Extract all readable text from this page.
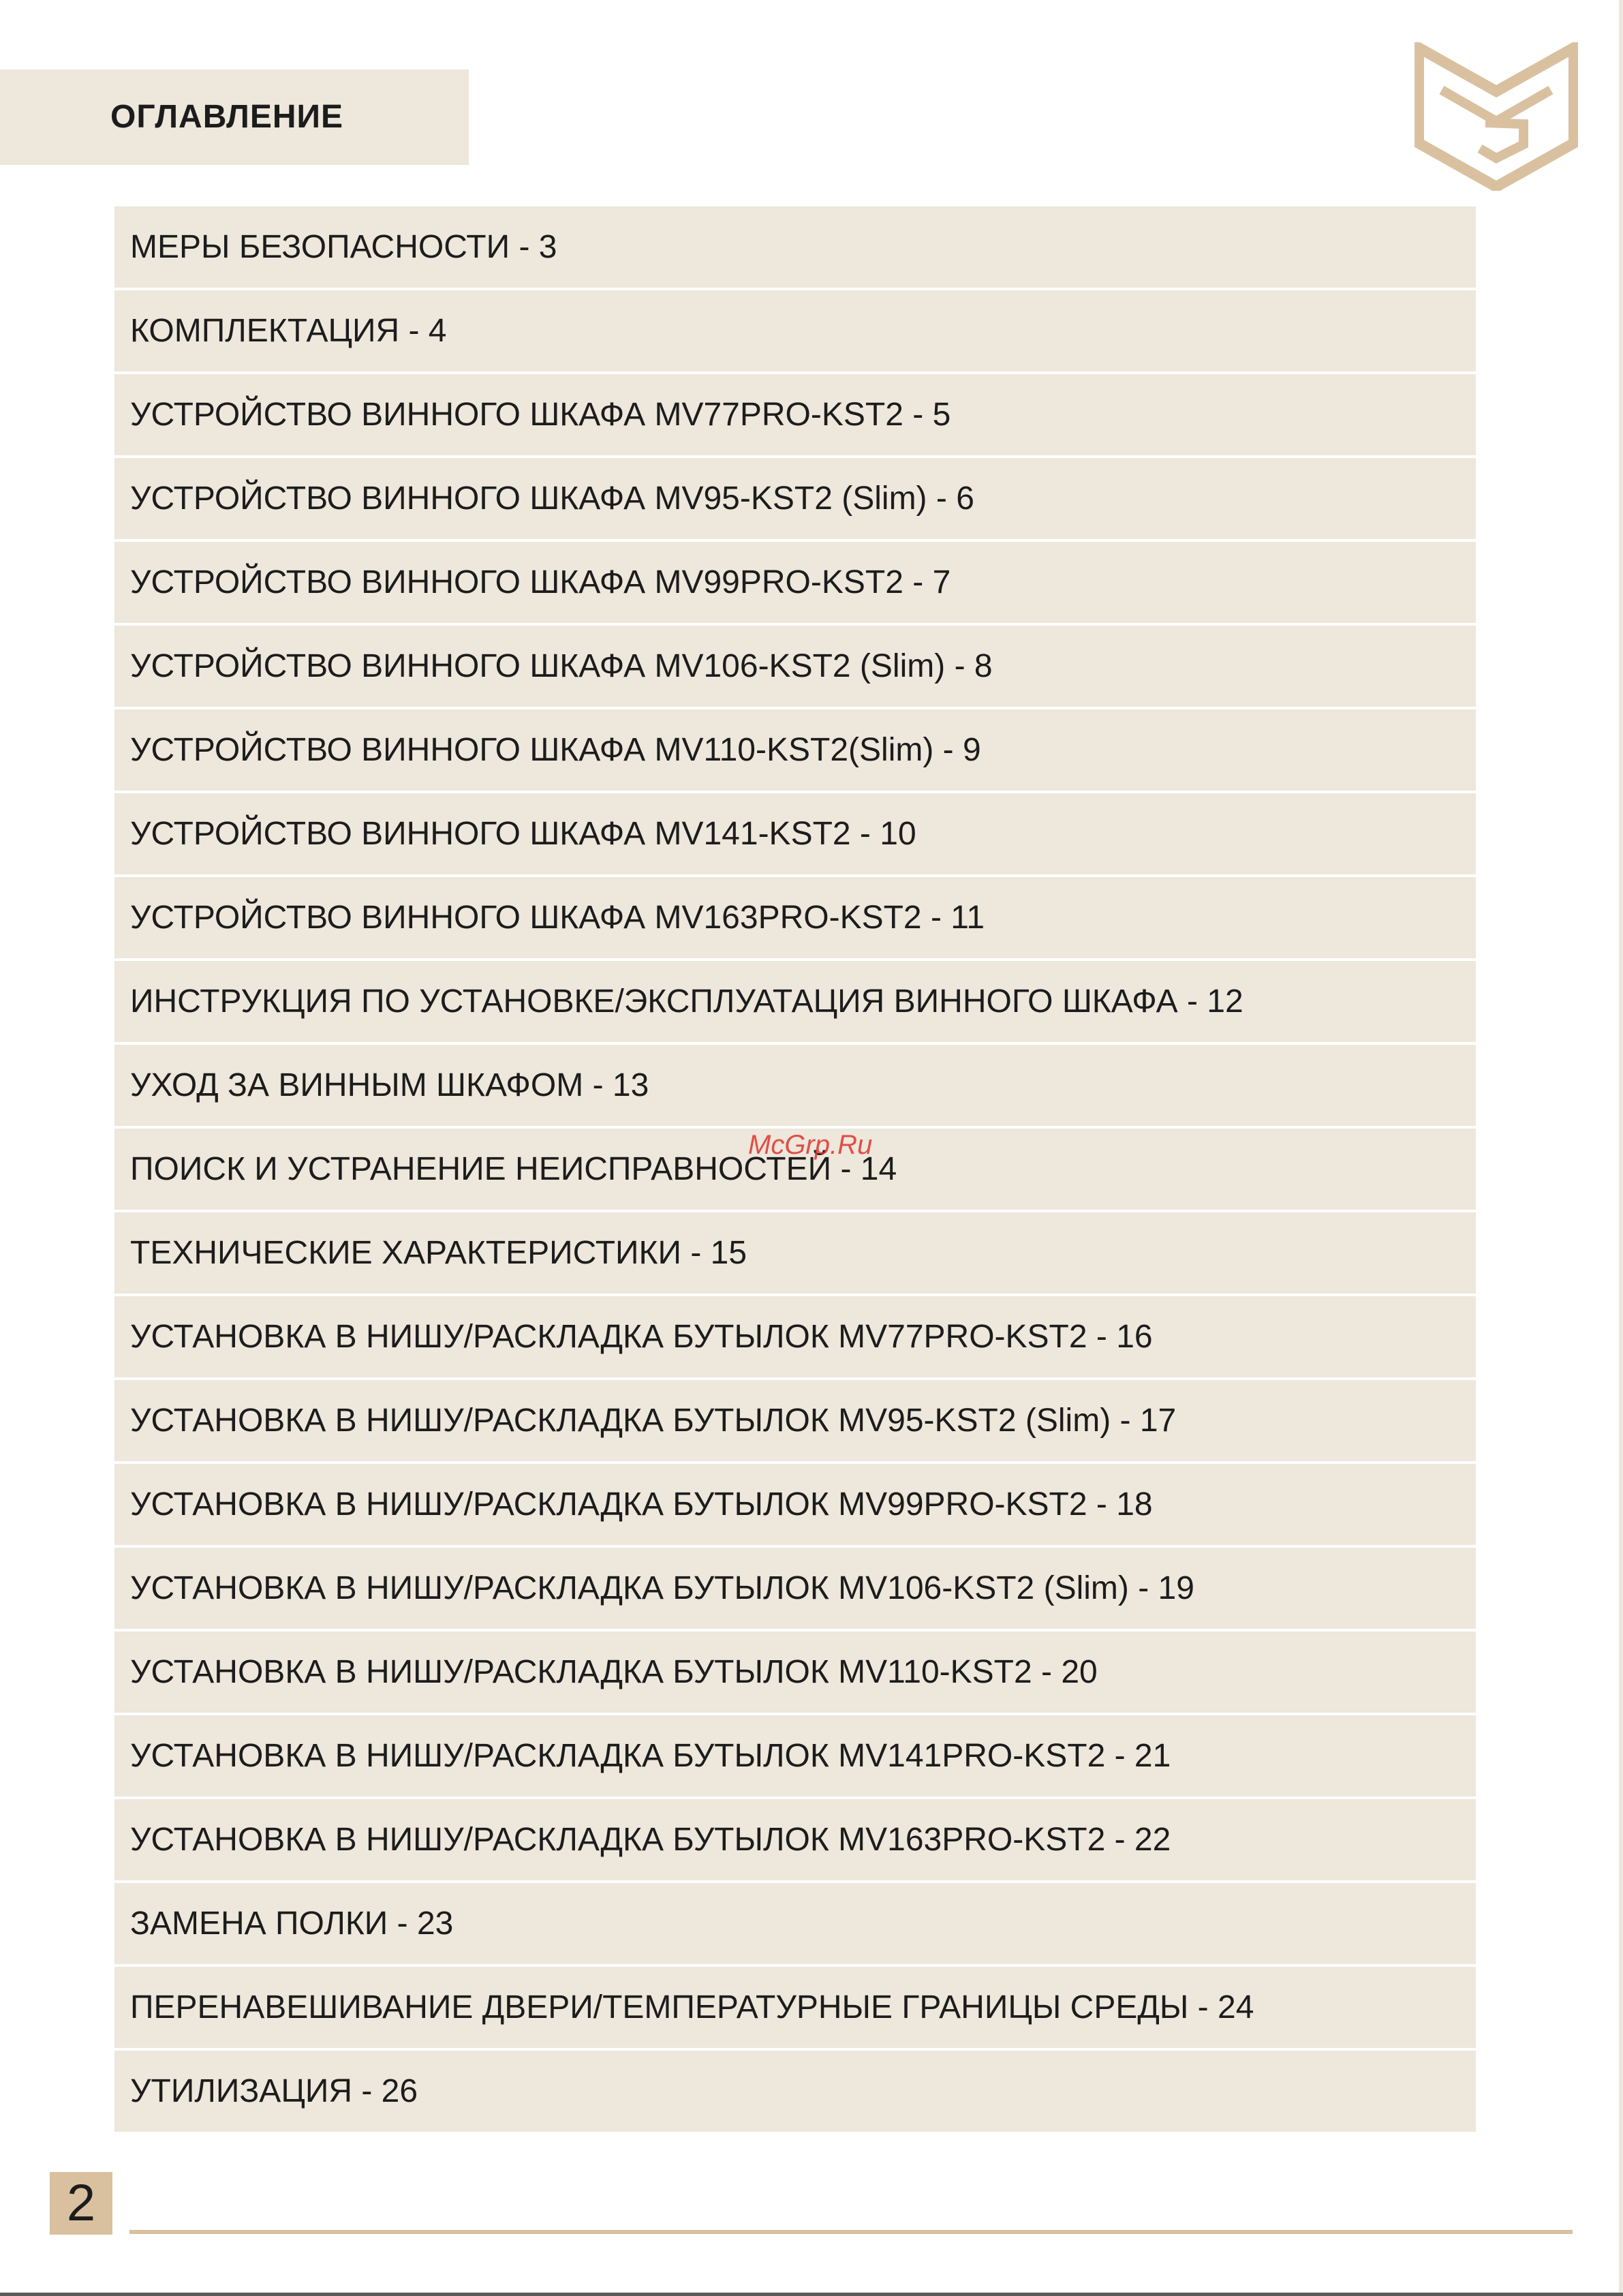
ОГЛАВЛЕНИЕ
МЕРЫ БЕЗОПАСНОСТИ - 3
КОМПЛЕКТАЦИЯ - 4
УСТРОЙСТВО ВИННОГО ШКАФА MV77PRO-KST2 - 5
УСТРОЙСТВО ВИННОГО ШКАФА MV95-KST2 (Slim) - 6
УСТРОЙСТВО ВИННОГО ШКАФА MV99PRO-KST2 - 7
УСТРОЙСТВО ВИННОГО ШКАФА MV106-KST2 (Slim) - 8
УСТРОЙСТВО ВИННОГО ШКАФА MV110-KST2(Slim) - 9
УСТРОЙСТВО ВИННОГО ШКАФА MV141-KST2 - 10
УСТРОЙСТВО ВИННОГО ШКАФА MV163PRO-KST2 - 11
ИНСТРУКЦИЯ ПО УСТАНОВКЕ/ЭКСПЛУАТАЦИЯ ВИННОГО ШКАФА - 12
УХОД ЗА ВИННЫМ ШКАФОМ - 13
ПОИСК И УСТРАНЕНИЕ НЕИСПРАВНОСТЕЙ - 14
ТЕХНИЧЕСКИЕ ХАРАКТЕРИСТИКИ - 15
УСТАНОВКА В НИШУ/РАСКЛАДКА БУТЫЛОК MV77PRO-KST2 - 16
УСТАНОВКА В НИШУ/РАСКЛАДКА БУТЫЛОК MV95-KST2 (Slim) - 17
УСТАНОВКА В НИШУ/РАСКЛАДКА БУТЫЛОК MV99PRO-KST2 - 18
УСТАНОВКА В НИШУ/РАСКЛАДКА БУТЫЛОК MV106-KST2 (Slim) - 19
УСТАНОВКА В НИШУ/РАСКЛАДКА БУТЫЛОК MV110-KST2 - 20
УСТАНОВКА В НИШУ/РАСКЛАДКА БУТЫЛОК MV141PRO-KST2 - 21
УСТАНОВКА В НИШУ/РАСКЛАДКА БУТЫЛОК MV163PRO-KST2 - 22
ЗАМЕНА ПОЛКИ - 23
ПЕРЕНАВЕШИВАНИЕ ДВЕРИ/ТЕМПЕРАТУРНЫЕ ГРАНИЦЫ СРЕДЫ - 24
УТИЛИЗАЦИЯ - 26
McGrp.Ru
2
